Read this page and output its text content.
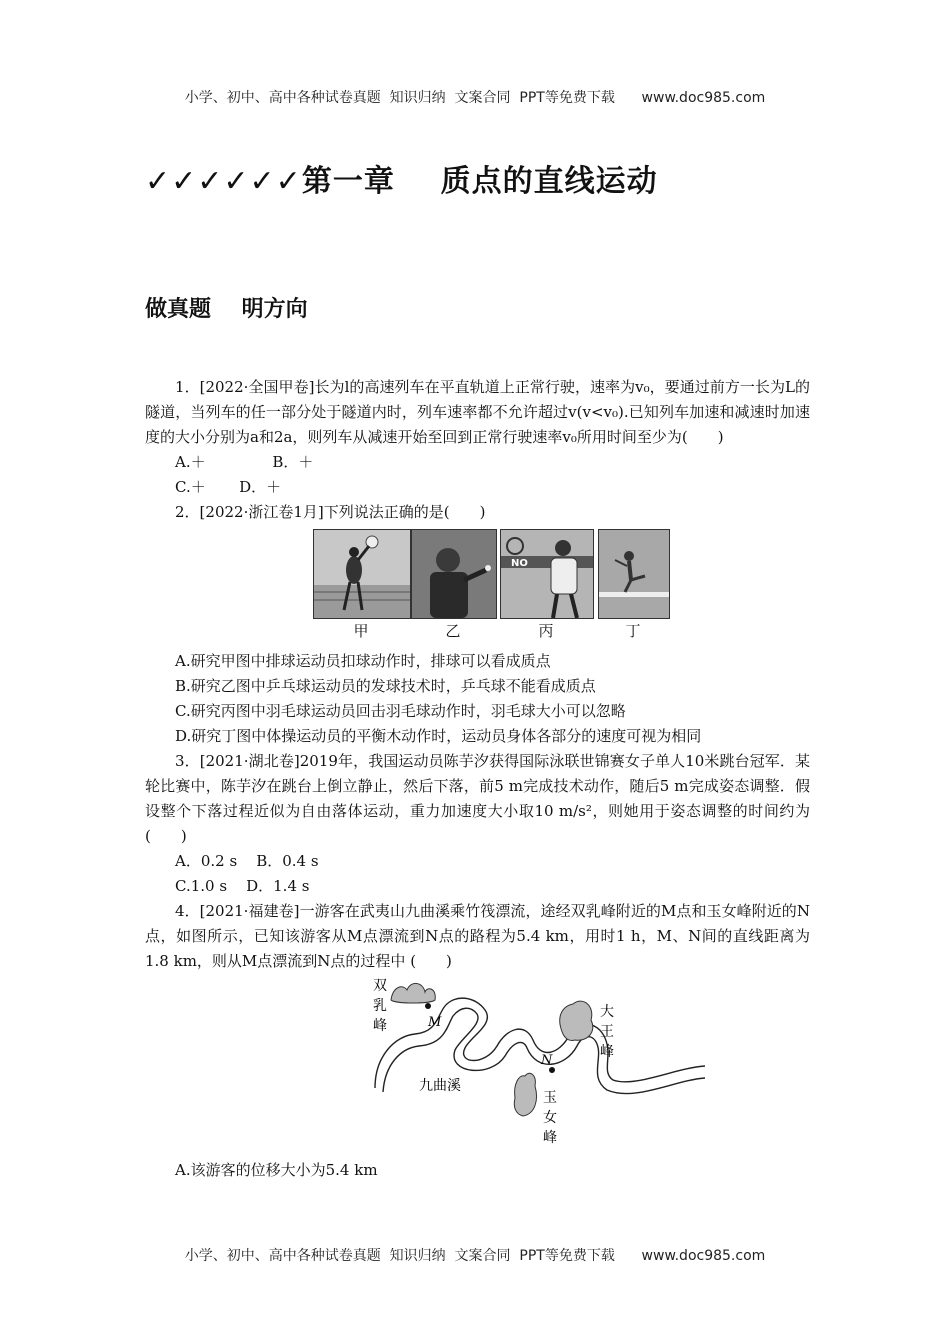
小学、初中、高中各种试卷真题  知识归纳  文案合同  PPT等免费下载      www.doc985.com
✓✓✓✓✓✓第一章    质点的直线运动
做真题    明方向

1．[2022·全国甲卷]长为l的高速列车在平直轨道上正常行驶，速率为v₀，要通过前方一长为L的隧道，当列车的任一部分处于隧道内时，列车速率都不允许超过v(v<v₀).已知列车加速和减速时加速度的大小分别为a和2a，则列车从减速开始至回到正常行驶速率v₀所用时间至少为(　　)

A.＋              B．＋

C.＋       D．＋

2．[2022·浙江卷1月]下列说法正确的是(　　)

NO
甲	乙	丙	丁

A.研究甲图中排球运动员扣球动作时，排球可以看成质点

B.研究乙图中乒乓球运动员的发球技术时，乒乓球不能看成质点

C.研究丙图中羽毛球运动员回击羽毛球动作时，羽毛球大小可以忽略

D.研究丁图中体操运动员的平衡木动作时，运动员身体各部分的速度可视为相同

3．[2021·湖北卷]2019年，我国运动员陈芋汐获得国际泳联世锦赛女子单人10米跳台冠军．某轮比赛中，陈芋汐在跳台上倒立静止，然后下落，前5 m完成技术动作，随后5 m完成姿态调整．假设整个下落过程近似为自由落体运动，重力加速度大小取10 m/s²，则她用于姿态调整的时间约为(　　)

A．0.2 s    B．0.4 s

C.1.0 s    D．1.4 s

4．[2021·福建卷]一游客在武夷山九曲溪乘竹筏漂流，途经双乳峰附近的M点和玉女峰附近的N点，如图所示，已知该游客从M点漂流到N点的路程为5.4 km，用时1 h，M、N间的直线距离为1.8 km，则从M点漂流到N点的过程中 (　　)

M
N
双
乳
峰
大
王
峰
玉
女
峰
九曲溪

A.该游客的位移大小为5.4 km

小学、初中、高中各种试卷真题  知识归纳  文案合同  PPT等免费下载      www.doc985.com
